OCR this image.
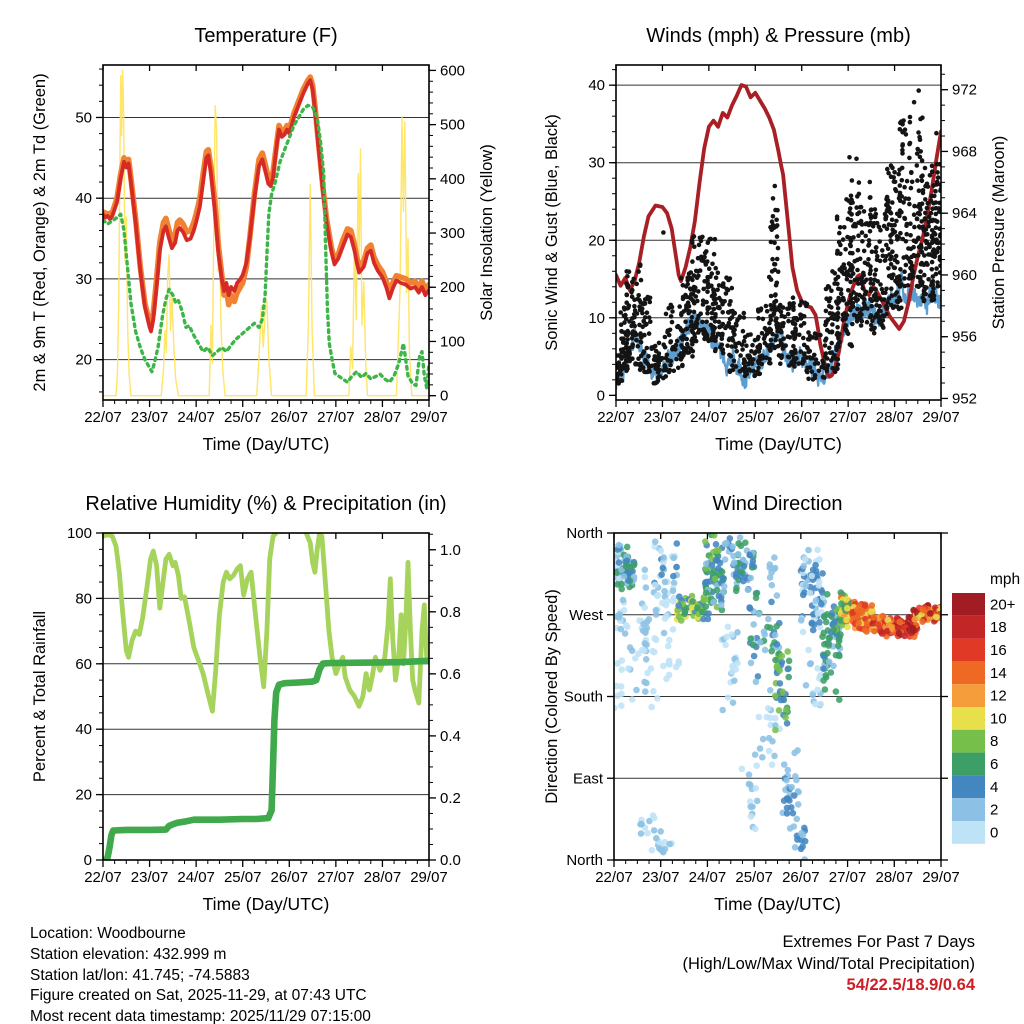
22/07 23/07 24/07 25/07 26/07 27/07 28/07 29/07
Time (Day/UTC)
20
30
40
50
2m & 9m T (Red, Orange) & 2m Td (Green)
0
100
200
300
400
500
600
Solar Insolation (Yellow)
Temperature (F)
22/07 23/07 24/07 25/07 26/07 27/07 28/07 29/07
Time (Day/UTC)
0
10
20
30
40
Sonic Wind & Gust (Blue, Black)
952
956
960
964
968
972
Station Pressure (Maroon)
Winds (mph) & Pressure (mb)
22/07 23/07 24/07 25/07 26/07 27/07 28/07 29/07
Time (Day/UTC)
0
20
40
60
80
100
Percent & Total Rainfall
0.0
0.2
0.4
0.6
0.8
1.0
Relative Humidity (%) & Precipitation (in)
22/07 23/07 24/07 25/07 26/07 27/07 28/07 29/07
Time (Day/UTC)
North
West
South
East
North
Direction (Colored By Speed)
Wind Direction
mph
20+
18
16
14
12
10
8
6
4
2
0
Location: Woodbourne
Station elevation: 432.999 m
Station lat/lon: 41.745; -74.5883
Figure created on Sat, 2025-11-29, at 07:43 UTC
Most recent data timestamp: 2025/11/29 07:15:00
Extremes For Past 7 Days
(High/Low/Max Wind/Total Precipitation)
54/22.5/18.9/0.64
